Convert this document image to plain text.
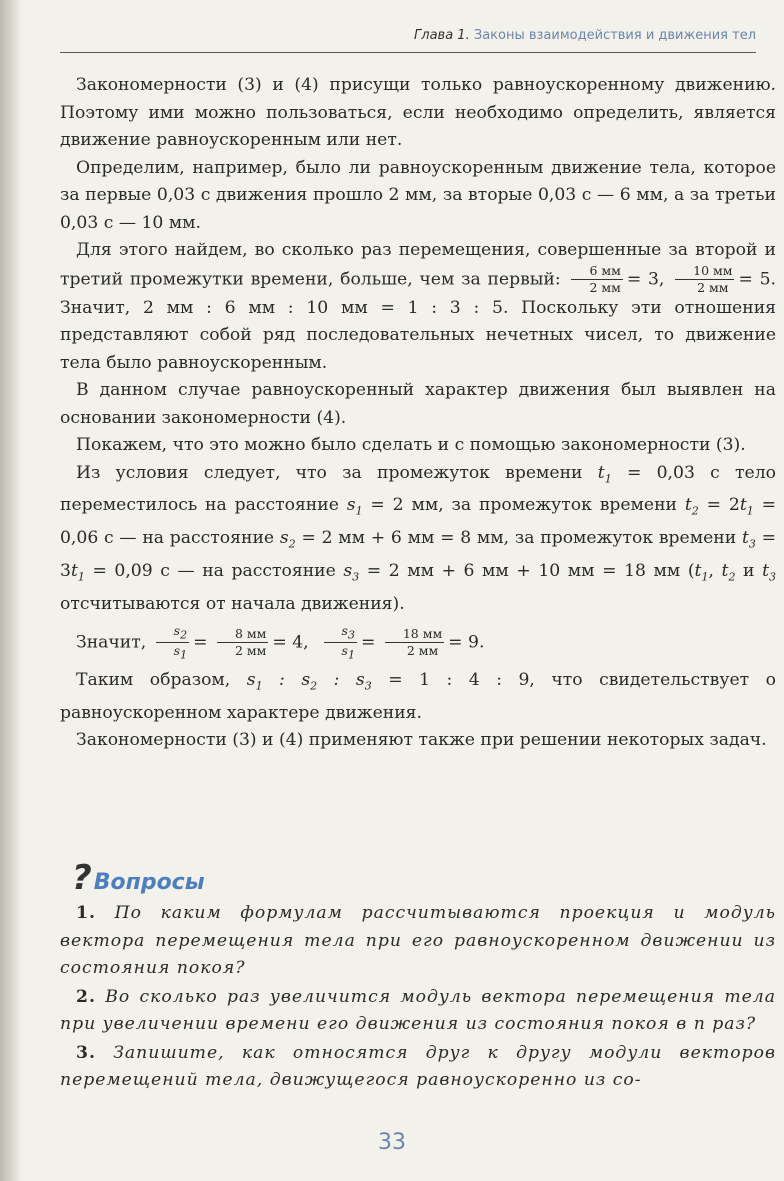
Глава 1. Законы взаимодействия и движения тел

Закономерности (3) и (4) присущи только равноускоренному движению. Поэтому ими можно пользоваться, если необходимо определить, является движение равноускоренным или нет.

Определим, например, было ли равноускоренным движение тела, которое за первые 0,03 с движения прошло 2 мм, за вторые 0,03 с — 6 мм, а за третьи 0,03 с — 10 мм.

Для этого найдем, во сколько раз перемещения, совершенные за второй и третий промежутки времени, больше, чем за первый: $\frac{6 мм}{2 мм} = 3$, $\frac{10 мм}{2 мм} = 5$. Значит, 2 мм : 6 мм : 10 мм = 1 : 3 : 5. Поскольку эти отношения представляют собой ряд последовательных нечетных чисел, то движение тела было равноускоренным.

В данном случае равноускоренный характер движения был выявлен на основании закономерности (4).

Покажем, что это можно было сделать и с помощью закономерности (3).

Из условия следует, что за промежуток времени $t_1 = 0,03$ с тело переместилось на расстояние $s_1 = 2$ мм, за промежуток времени $t_2 = 2t_1 = 0,06$ с — на расстояние $s_2 = 2$ мм + 6 мм = 8 мм, за промежуток времени $t_3 = 3t_1 = 0,09$ с — на расстояние $s_3 = 2$ мм + 6 мм + 10 мм = 18 мм ($t_1$, $t_2$ и $t_3$ отсчитываются от начала движения).

Значит, $\frac{s_2}{s_1} = \frac{8 мм}{2 мм} = 4$, $\frac{s_3}{s_1} = \frac{18 мм}{2 мм} = 9$.

Таким образом, $s_1$ : $s_2$ : $s_3 = 1$ : 4 : 9, что свидетельствует о равноускоренном характере движения.

Закономерности (3) и (4) применяют также при решении некоторых задач.

?Вопросы

1. По каким формулам рассчитываются проекция и модуль вектора перемещения тела при его равноускоренном движении из состояния покоя?

2. Во сколько раз увеличится модуль вектора перемещения тела при увеличении времени его движения из состояния покоя в n раз?

3. Запишите, как относятся друг к другу модули векторов перемещений тела, движущегося равноускоренно из со-

33
